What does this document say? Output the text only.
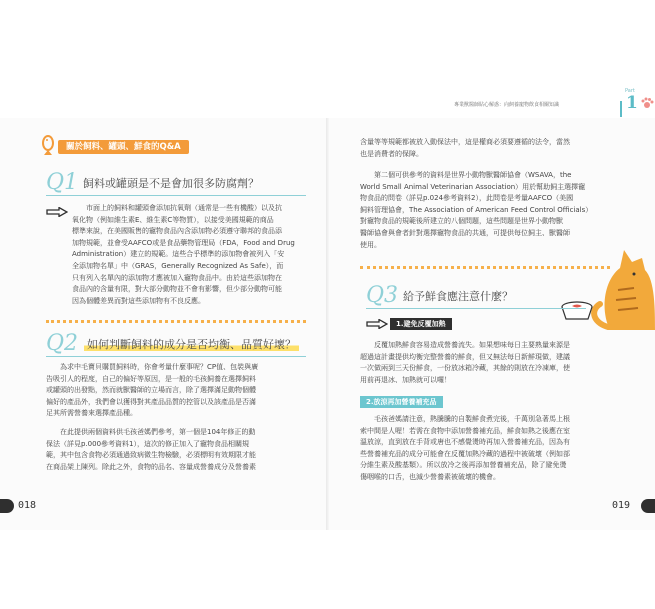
專業獸醫師貼心解惑：向飼養寵物飲食相關知識
Part
1
關於飼料、罐頭、鮮食的Q&A
Q1 飼料或罐頭是不是會加很多防腐劑？

市面上的飼料和罐頭會添加抗氧劑（通常是一些有機酸）以及抗

氧化物（例如維生素E、維生素C等物質），以接受美國規範的商品

標準來說，在美國販售的寵物食品內含添加物必須遵守聯邦的食品添

加物規範，並會受AAFCO或是食品藥物管理局（FDA，Food and Drug

Administration）建立的規範。這些合乎標準的添加物會被列入「安

全添加物名單」中（GRAS，Generally Recognized As Safe），而

只有列入名單內的添加物才應被加入寵物食品中。由於這些添加物在

食品內的含量有限，對大部分動物並不會有影響，但少部分動物可能

因為個體差異而對這些添加物有不良反應。

Q2 如何判斷飼料的成分是否均衡、品質好壞？

為求中毛寶貝購買飼料時，你會考量什麼事呢？CP值、包裝與廣

告吸引人的程度，自己的偏好等原因，是一般的毛孩飼養在選擇飼料

或罐頭的出發點，然而就獸醫師的立場而言，除了選擇滿足動物個體

偏好的產品外，我們會以獲得對其產品品質的控管以及該產品是否滿

足其所需營養來選擇產品種。

在此提供兩個資料供毛孩爸媽們參考，第一個是104年修正的動

保法（詳見p.000參考資料1），這次的修正加入了寵物食品相關規

範，其中包含食物必須通過致病微生物檢驗，必須標明有效期限才能

在商品架上陳列。除此之外，食物的品名、容量成營養成分及營養素

018

含量等等規範都被放入動保法中，這是權商必須要遵循的法令，當然

也是消費者的保障。

第二個可供參考的資料是世界小動物獸醫師協會（WSAVA，the

World Small Animal Veterinarian Association）用於幫助飼主選擇寵

物食品的問卷（詳見p.024參考資料2），此問卷是考量AAFCO（美國

飼料管理協會，The Association of American Feed Control Officials）

對寵物食品的規範後所建立的八個問題，這些問題是世界小動物獸

醫師協會與會者針對選擇寵物食品的共通，可提供每位飼主、獸醫師

使用。

Q3 給予鮮食應注意什麼？
1.避免反覆加熱

反覆加熱鮮食容易造成營養流失。如果想味每日主要熟量來源是

超過這計畫提供均衡完整營養的鮮食，但又無法每日新鮮現做，建議

一次做兩到三天份鮮食，一份放冰箱冷藏，其餘的則放在冷凍庫，使

用前再退冰、加熱就可以囉！

2.放涼再加營養補充品

毛孩爸媽請注意，熱騰騰的自製鮮食煮完後，千萬別急著馬上根

索中間是人喔！若需在食物中添加營養補充品，鮮食如熱之後應在室

溫放涼，直到放在手背或唐也不感覺燙時再加入營養補充品，因為有

些營養補充品的成分可能會在反覆加熱冷藏的過程中被破壞（例如部

分維生素及酸基類）。所以放冷之後再添加營養補充品，除了避免燙

傷咽喉的口舌，也減少營養素被破壞的機會。

019
